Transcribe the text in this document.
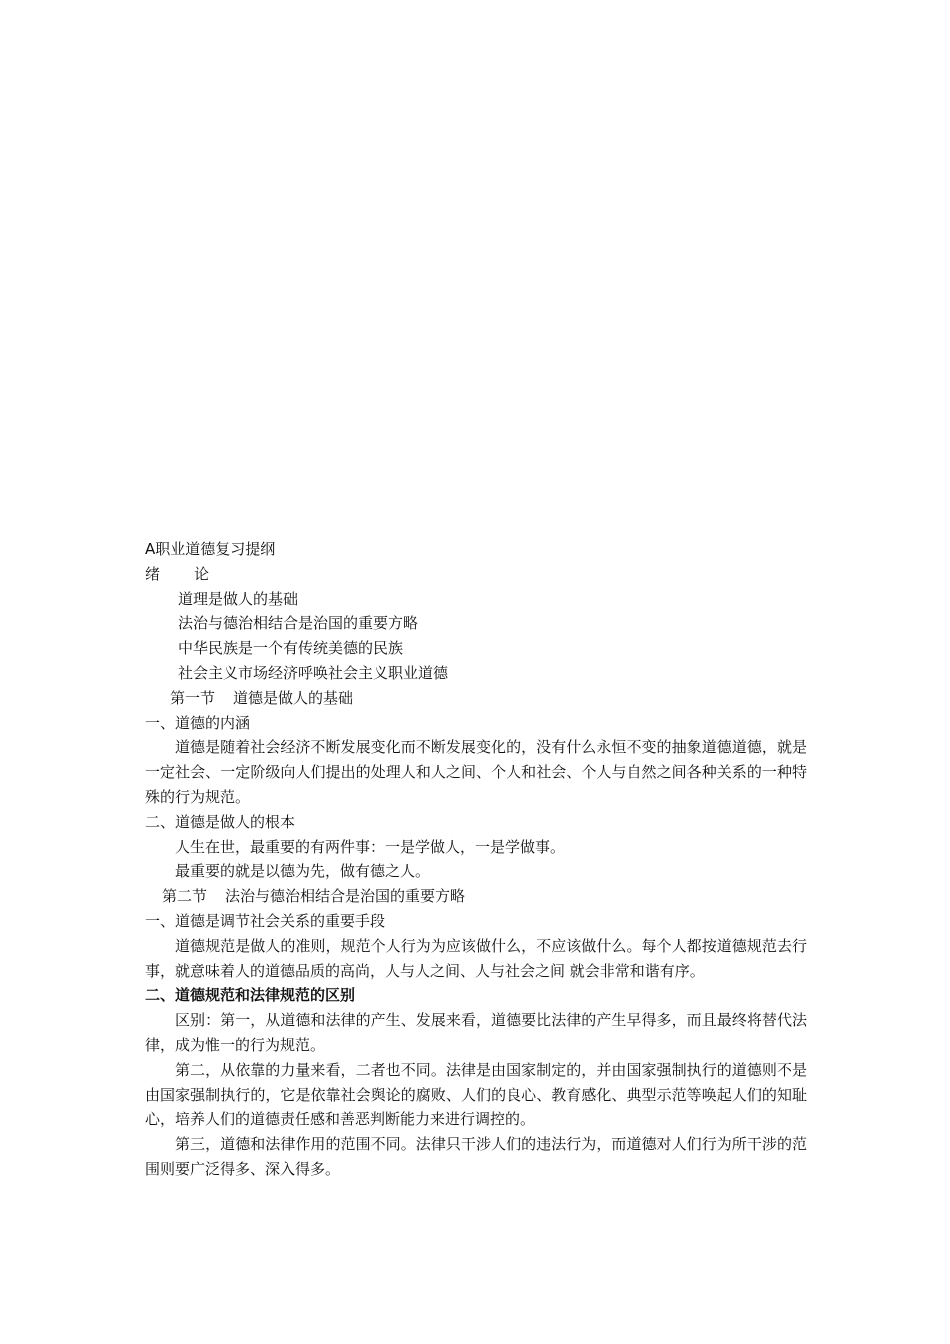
A职业道德复习提纲
绪 论
道理是做人的基础
法治与德治相结合是治国的重要方略
中华民族是一个有传统美德的民族
社会主义市场经济呼唤社会主义职业道德
第一节 道德是做人的基础
一、道德的内涵

道德是随着社会经济不断发展变化而不断发展变化的，没有什么永恒不变的抽象道德道德，就是一定社会、一定阶级向人们提出的处理人和人之间、个人和社会、个人与自然之间各种关系的一种特殊的行为规范。

二、道德是做人的根本

人生在世，最重要的有两件事：一是学做人，一是学做事。

最重要的就是以德为先，做有德之人。

第二节 法治与德治相结合是治国的重要方略
一、道德是调节社会关系的重要手段

道德规范是做人的准则，规范个人行为为应该做什么，不应该做什么。每个人都按道德规范去行事，就意味着人的道德品质的高尚，人与人之间、人与社会之间 就会非常和谐有序。

二、道德规范和法律规范的区别

区别：第一，从道德和法律的产生、发展来看，道德要比法律的产生早得多，而且最终将替代法律，成为惟一的行为规范。

第二，从依靠的力量来看，二者也不同。法律是由国家制定的，并由国家强制执行的道德则不是由国家强制执行的，它是依靠社会舆论的腐败、人们的良心、教育感化、典型示范等唤起人们的知耻心，培养人们的道德责任感和善恶判断能力来进行调控的。

第三，道德和法律作用的范围不同。法律只干涉人们的违法行为，而道德对人们行为所干涉的范围则要广泛得多、深入得多。
